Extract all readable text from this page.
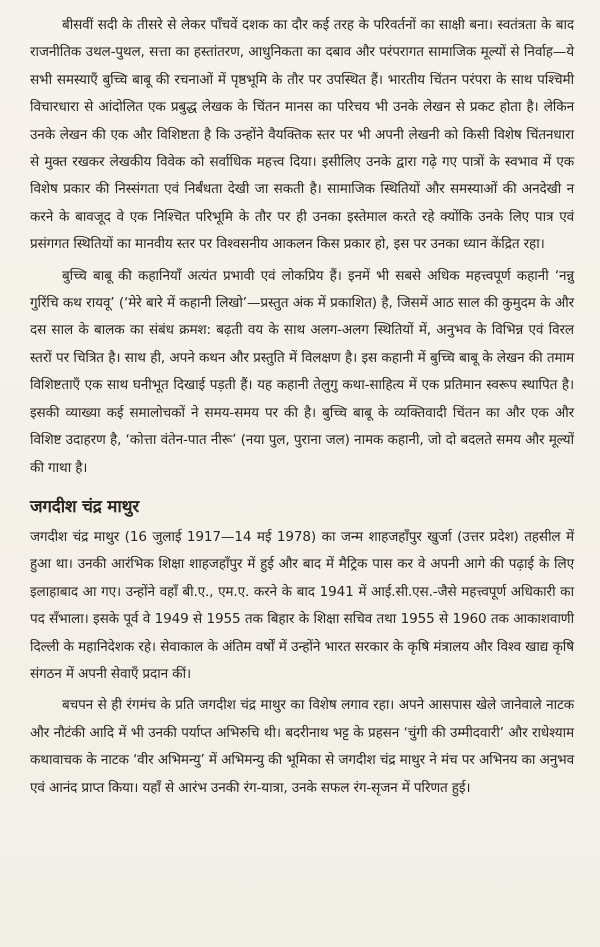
बीसवीं सदी के तीसरे से लेकर पाँचवें दशक का दौर कई तरह के परिवर्तनों का साक्षी बना। स्वतंत्रता के बाद राजनीतिक उथल-पुथल, सत्ता का हस्तांतरण, आधुनिकता का दबाव और परंपरागत सामाजिक मूल्यों से निर्वाह—ये सभी समस्याएँ बुच्चि बाबू की रचनाओं में पृष्ठभूमि के तौर पर उपस्थित हैं। भारतीय चिंतन परंपरा के साथ पश्चिमी विचारधारा से आंदोलित एक प्रबुद्ध लेखक के चिंतन मानस का परिचय भी उनके लेखन से प्रकट होता है। लेकिन उनके लेखन की एक और विशिष्टता है कि उन्होंने वैयक्तिक स्तर पर भी अपनी लेखनी को किसी विशेष चिंतनधारा से मुक्त रखकर लेखकीय विवेक को सर्वाधिक महत्त्व दिया। इसीलिए उनके द्वारा गढ़े गए पात्रों के स्वभाव में एक विशेष प्रकार की निस्संगता एवं निर्बंधता देखी जा सकती है। सामाजिक स्थितियों और समस्याओं की अनदेखी न करने के बावजूद वे एक निश्चित परिभूमि के तौर पर ही उनका इस्तेमाल करते रहे क्योंकि उनके लिए पात्र एवं प्रसंगगत स्थितियों का मानवीय स्तर पर विश्वसनीय आकलन किस प्रकार हो, इस पर उनका ध्यान केंद्रित रहा।

बुच्चि बाबू की कहानियाँ अत्यंत प्रभावी एवं लोकप्रिय हैं। इनमें भी सबसे अधिक महत्त्वपूर्ण कहानी ‘नन्नु गुरिंचि कथ रायवू’ (‘मेरे बारे में कहानी लिखो’—प्रस्तुत अंक में प्रकाशित) है, जिसमें आठ साल की कुमुदम के और दस साल के बालक का संबंध क्रमश: बढ़ती वय के साथ अलग-अलग स्थितियों में, अनुभव के विभिन्न एवं विरल स्तरों पर चित्रित है। साथ ही, अपने कथन और प्रस्तुति में विलक्षण है। इस कहानी में बुच्चि बाबू के लेखन की तमाम विशिष्टताएँ एक साथ घनीभूत दिखाई पड़ती हैं। यह कहानी तेलुगु कथा-साहित्य में एक प्रतिमान स्वरूप स्थापित है। इसकी व्याख्या कई समालोचकों ने समय-समय पर की है। बुच्चि बाबू के व्यक्तिवादी चिंतन का और एक और विशिष्ट उदाहरण है, ‘कोत्ता वंतेन-पात नीरू’ (नया पुल, पुराना जल) नामक कहानी, जो दो बदलते समय और मूल्यों की गाथा है।

जगदीश चंद्र माथुर

जगदीश चंद्र माथुर (16 जुलाई 1917—14 मई 1978) का जन्म शाहजहाँपुर खुर्जा (उत्तर प्रदेश) तहसील में हुआ था। उनकी आरंभिक शिक्षा शाहजहाँपुर में हुई और बाद में मैट्रिक पास कर वे अपनी आगे की पढ़ाई के लिए इलाहाबाद आ गए। उन्होंने वहाँ बी.ए., एम.ए. करने के बाद 1941 में आई.सी.एस.-जैसे महत्त्वपूर्ण अधिकारी का पद सँभाला। इसके पूर्व वे 1949 से 1955 तक बिहार के शिक्षा सचिव तथा 1955 से 1960 तक आकाशवाणी दिल्ली के महानिदेशक रहे। सेवाकाल के अंतिम वर्षों में उन्होंने भारत सरकार के कृषि मंत्रालय और विश्व खाद्य कृषि संगठन में अपनी सेवाएँ प्रदान कीं।

बचपन से ही रंगमंच के प्रति जगदीश चंद्र माथुर का विशेष लगाव रहा। अपने आसपास खेले जानेवाले नाटक और नौटंकी आदि में भी उनकी पर्याप्त अभिरुचि थी। बदरीनाथ भट्ट के प्रहसन ‘चुंगी की उम्मीदवारी’ और राधेश्याम कथावाचक के नाटक ‘वीर अभिमन्यु’ में अभिमन्यु की भूमिका से जगदीश चंद्र माथुर ने मंच पर अभिनय का अनुभव एवं आनंद प्राप्त किया। यहाँ से आरंभ उनकी रंग-यात्रा, उनके सफल रंग-सृजन में परिणत हुई।
